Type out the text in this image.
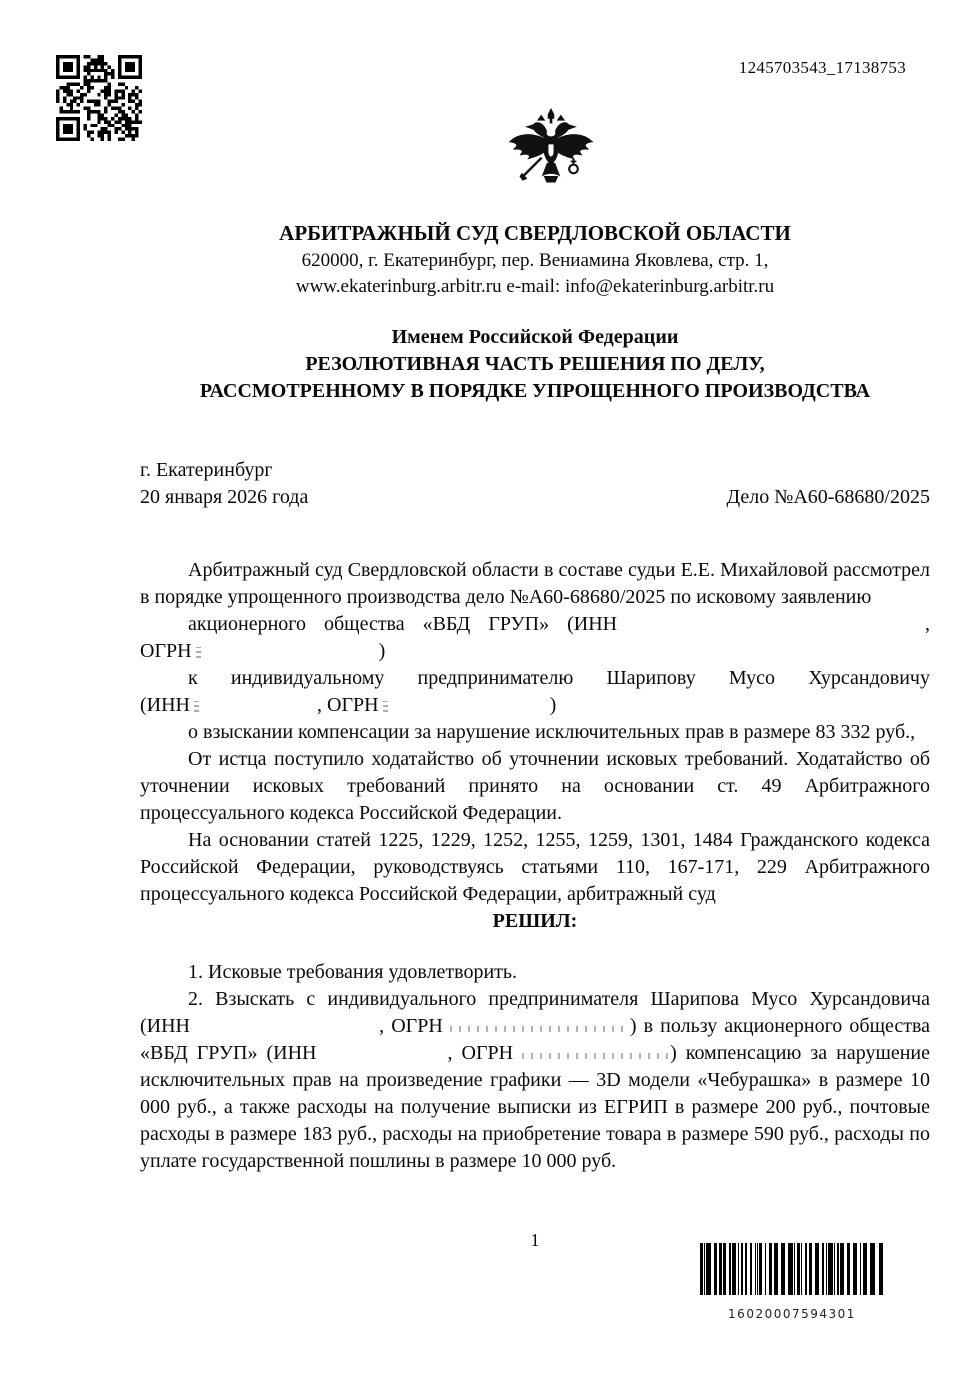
1245703543_17138753
АРБИТРАЖНЫЙ СУД СВЕРДЛОВСКОЙ ОБЛАСТИ
620000, г. Екатеринбург, пер. Вениамина Яковлева, стр. 1,
www.ekaterinburg.arbitr.ru e-mail: info@ekaterinburg.arbitr.ru
Именем Российской Федерации
РЕЗОЛЮТИВНАЯ ЧАСТЬ РЕШЕНИЯ ПО ДЕЛУ,
РАССМОТРЕННОМУ В ПОРЯДКЕ УПРОЩЕННОГО ПРОИЗВОДСТВА
г. Екатеринбург
20 января 2026 года	Дело №А60-68680/2025

Арбитражный суд Свердловской области в составе судьи Е.Е. Михайловой рассмотрел в порядке упрощенного производства дело №А60-68680/2025 по исковому заявлению

акционерного общества «ВБД ГРУП» (ИНН	,
ОГРН	)

к индивидуальному предпринимателю Шарипову Мусо Хурсандовичу

(ИНН	, ОГРН	)

о взыскании компенсации за нарушение исключительных прав в размере 83 332 руб.,

От истца поступило ходатайство об уточнении исковых требований. Ходатайство об уточнении исковых требований принято на основании ст. 49 Арбитражного процессуального кодекса Российской Федерации.

На основании статей 1225, 1229, 1252, 1255, 1259, 1301, 1484 Гражданского кодекса Российской Федерации, руководствуясь статьями 110, 167-171, 229 Арбитражного процессуального кодекса Российской Федерации, арбитражный суд

РЕШИЛ:

1. Исковые требования удовлетворить.

2. Взыскать с индивидуального предпринимателя Шарипова Мусо Хурсандовича (ИНН	, ОГРН	) в пользу акционерного общества «ВБД ГРУП» (ИНН	, ОГРН	) компенсацию за нарушение исключительных прав на произведение графики — 3D модели «Чебурашка» в размере 10 000 руб., а также расходы на получение выписки из ЕГРИП в размере 200 руб., почтовые расходы в размере 183 руб., расходы на приобретение товара в размере 590 руб., расходы по уплате государственной пошлины в размере 10 000 руб.

1
16020007594301
